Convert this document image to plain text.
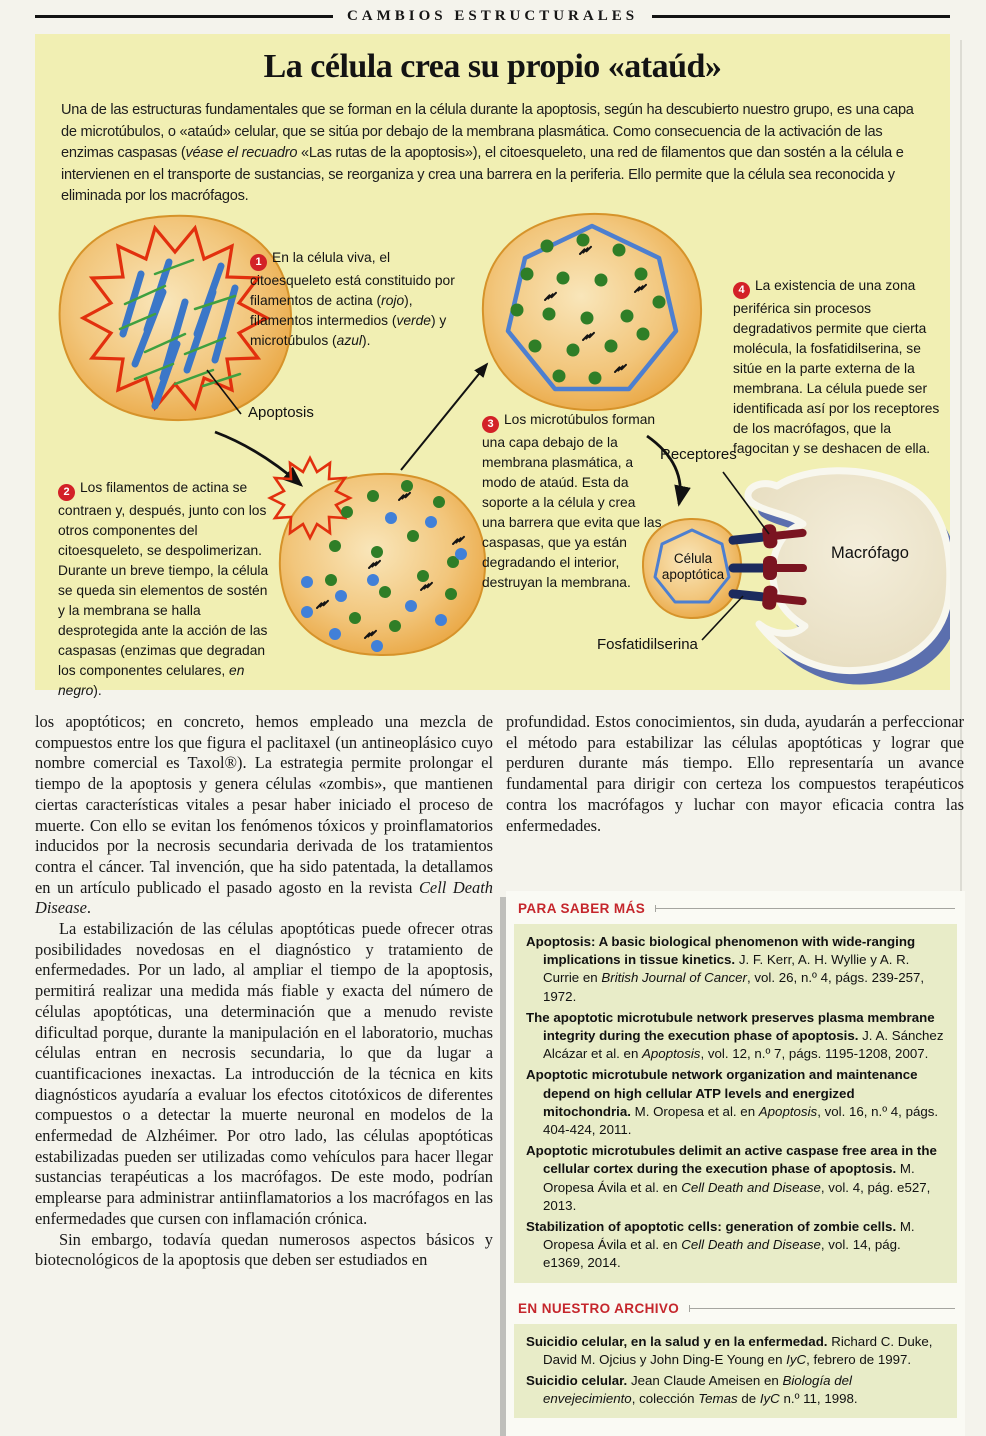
CAMBIOS ESTRUCTURALES
La célula crea su propio «ataúd»
Una de las estructuras fundamentales que se forman en la célula durante la apoptosis, según ha descubierto nuestro grupo, es una capa de microtúbulos, o «ataúd» celular, que se sitúa por debajo de la membrana plasmática. Como consecuencia de la activación de las enzimas caspasas (véase el recuadro «Las rutas de la apoptosis»), el citoesqueleto, una red de filamentos que dan sostén a la célula e intervienen en el transporte de sustancias, se reorganiza y crea una barrera en la periferia. Ello permite que la célula sea reconocida y eliminada por los macrófagos.
1 En la célula viva, el citoesqueleto está constituido por filamentos de actina (rojo), filamentos intermedios (verde) y microtúbulos (azul).
2 Los filamentos de actina se contraen y, después, junto con los otros componentes del citoesqueleto, se despolimerizan. Durante un breve tiempo, la célula se queda sin elementos de sostén y la membrana se halla desprotegida ante la acción de las caspasas (enzimas que degradan los componentes celulares, en negro).
3 Los microtúbulos forman una capa debajo de la membrana plasmática, a modo de ataúd. Esta da soporte a la célula y crea una barrera que evita que las caspasas, que ya están degradando el interior, destruyan la membrana.
4 La existencia de una zona periférica sin procesos degradativos permite que cierta molécula, la fosfatidilserina, se sitúe en la parte externa de la membrana. La célula puede ser identificada así por los receptores de los macrófagos, que la fagocitan y se deshacen de ella.
Apoptosis
Receptores
Célula apoptótica
Macrófago
Fosfatidilserina

los apoptóticos; en concreto, hemos empleado una mezcla de compuestos entre los que figura el paclitaxel (un antineoplásico cuyo nombre comercial es Taxol®). La estrategia permite prolongar el tiempo de la apoptosis y genera células «zombis», que mantienen ciertas características vitales a pesar haber iniciado el proceso de muerte. Con ello se evitan los fenómenos tóxicos y proinflamatorios inducidos por la necrosis secundaria derivada de los tratamientos contra el cáncer. Tal invención, que ha sido patentada, la detallamos en un artículo publicado el pasado agosto en la revista Cell Death Disease.

La estabilización de las células apoptóticas puede ofrecer otras posibilidades novedosas en el diagnóstico y tratamiento de enfermedades. Por un lado, al ampliar el tiempo de la apoptosis, permitirá realizar una medida más fiable y exacta del número de células apoptóticas, una determinación que a menudo reviste dificultad porque, durante la manipulación en el laboratorio, muchas células entran en necrosis secundaria, lo que da lugar a cuantificaciones inexactas. La introducción de la técnica en kits diagnósticos ayudaría a evaluar los efectos citotóxicos de diferentes compuestos o a detectar la muerte neuronal en modelos de la enfermedad de Alzhéimer. Por otro lado, las células apoptóticas estabilizadas pueden ser utilizadas como vehículos para hacer llegar sustancias terapéuticas a los macrófagos. De este modo, podrían emplearse para administrar antiinflamatorios a los macrófagos en las enfermedades que cursen con inflamación crónica.

Sin embargo, todavía quedan numerosos aspectos básicos y biotecnológicos de la apoptosis que deben ser estudiados en

profundidad. Estos conocimientos, sin duda, ayudarán a perfeccionar el método para estabilizar las células apoptóticas y lograr que perduren durante más tiempo. Ello representaría un avance fundamental para dirigir con certeza los compuestos terapéuticos contra los macrófagos y luchar con mayor eficacia contra las enfermedades.

PARA SABER MÁS

Apoptosis: A basic biological phenomenon with wide-ranging implications in tissue kinetics. J. F. Kerr, A. H. Wyllie y A. R. Currie en British Journal of Cancer, vol. 26, n.º 4, págs. 239-257, 1972.

The apoptotic microtubule network preserves plasma membrane integrity during the execution phase of apoptosis. J. A. Sánchez Alcázar et al. en Apoptosis, vol. 12, n.º 7, págs. 1195-1208, 2007.

Apoptotic microtubule network organization and maintenance depend on high cellular ATP levels and energized mitochondria. M. Oropesa et al. en Apoptosis, vol. 16, n.º 4, págs. 404-424, 2011.

Apoptotic microtubules delimit an active caspase free area in the cellular cortex during the execution phase of apoptosis. M. Oropesa Ávila et al. en Cell Death and Disease, vol. 4, pág. e527, 2013.

Stabilization of apoptotic cells: generation of zombie cells. M. Oropesa Ávila et al. en Cell Death and Disease, vol. 14, pág. e1369, 2014.

EN NUESTRO ARCHIVO

Suicidio celular, en la salud y en la enfermedad. Richard C. Duke, David M. Ojcius y John Ding-E Young en IyC, febrero de 1997.

Suicidio celular. Jean Claude Ameisen en Biología del envejecimiento, colección Temas de IyC n.º 11, 1998.
